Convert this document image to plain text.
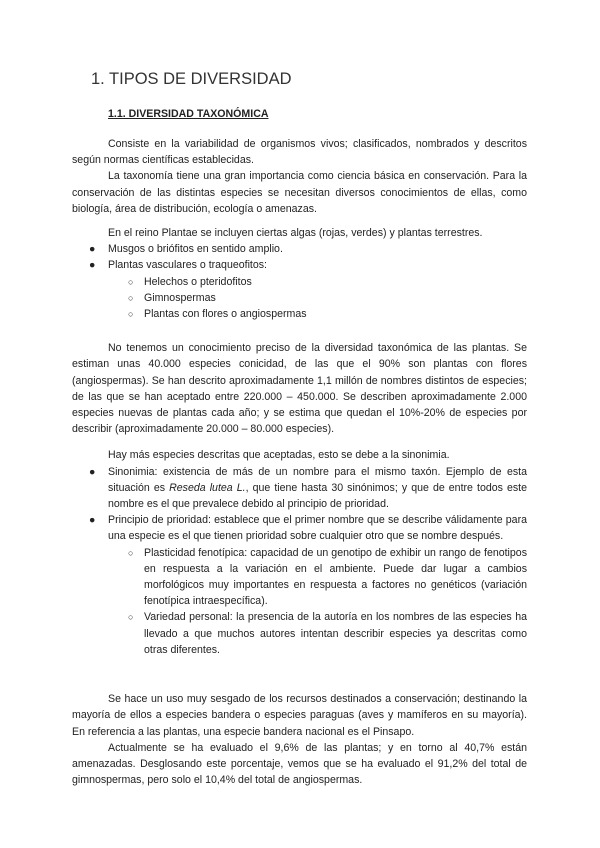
1. TIPOS DE DIVERSIDAD
1.1. DIVERSIDAD TAXONÓMICA

Consiste en la variabilidad de organismos vivos; clasificados, nombrados y descritos según normas científicas establecidas.

La taxonomía tiene una gran importancia como ciencia básica en conservación. Para la conservación de las distintas especies se necesitan diversos conocimientos de ellas, como biología, área de distribución, ecología o amenazas.

En el reino Plantae se incluyen ciertas algas (rojas, verdes) y plantas terrestres.

● Musgos o briófitos en sentido amplio.
● Plantas vasculares o traqueofitos:
○ Helechos o pteridofitos
○ Gimnospermas
○ Plantas con flores o angiospermas

No tenemos un conocimiento preciso de la diversidad taxonómica de las plantas. Se estiman unas 40.000 especies conicidad, de las que el 90% son plantas con flores (angiospermas). Se han descrito aproximadamente 1,1 millón de nombres distintos de especies; de las que se han aceptado entre 220.000 – 450.000. Se describen aproximadamente 2.000 especies nuevas de plantas cada año; y se estima que quedan el 10%-20% de especies por describir (aproximadamente 20.000 – 80.000 especies).

Hay más especies descritas que aceptadas, esto se debe a la sinonimia.

● Sinonimia: existencia de más de un nombre para el mismo taxón. Ejemplo de esta situación es Reseda lutea L., que tiene hasta 30 sinónimos; y que de entre todos este nombre es el que prevalece debido al principio de prioridad.
● Principio de prioridad: establece que el primer nombre que se describe válidamente para una especie es el que tienen prioridad sobre cualquier otro que se nombre después.
○ Plasticidad fenotípica: capacidad de un genotipo de exhibir un rango de fenotipos en respuesta a la variación en el ambiente. Puede dar lugar a cambios morfológicos muy importantes en respuesta a factores no genéticos (variación fenotípica intraespecífica).
○ Variedad personal: la presencia de la autoría en los nombres de las especies ha llevado a que muchos autores intentan describir especies ya descritas como otras diferentes.

Se hace un uso muy sesgado de los recursos destinados a conservación; destinando la mayoría de ellos a especies bandera o especies paraguas (aves y mamíferos en su mayoría). En referencia a las plantas, una especie bandera nacional es el Pinsapo.

Actualmente se ha evaluado el 9,6% de las plantas; y en torno al 40,7% están amenazadas. Desglosando este porcentaje, vemos que se ha evaluado el 91,2% del total de gimnospermas, pero solo el 10,4% del total de angiospermas.
